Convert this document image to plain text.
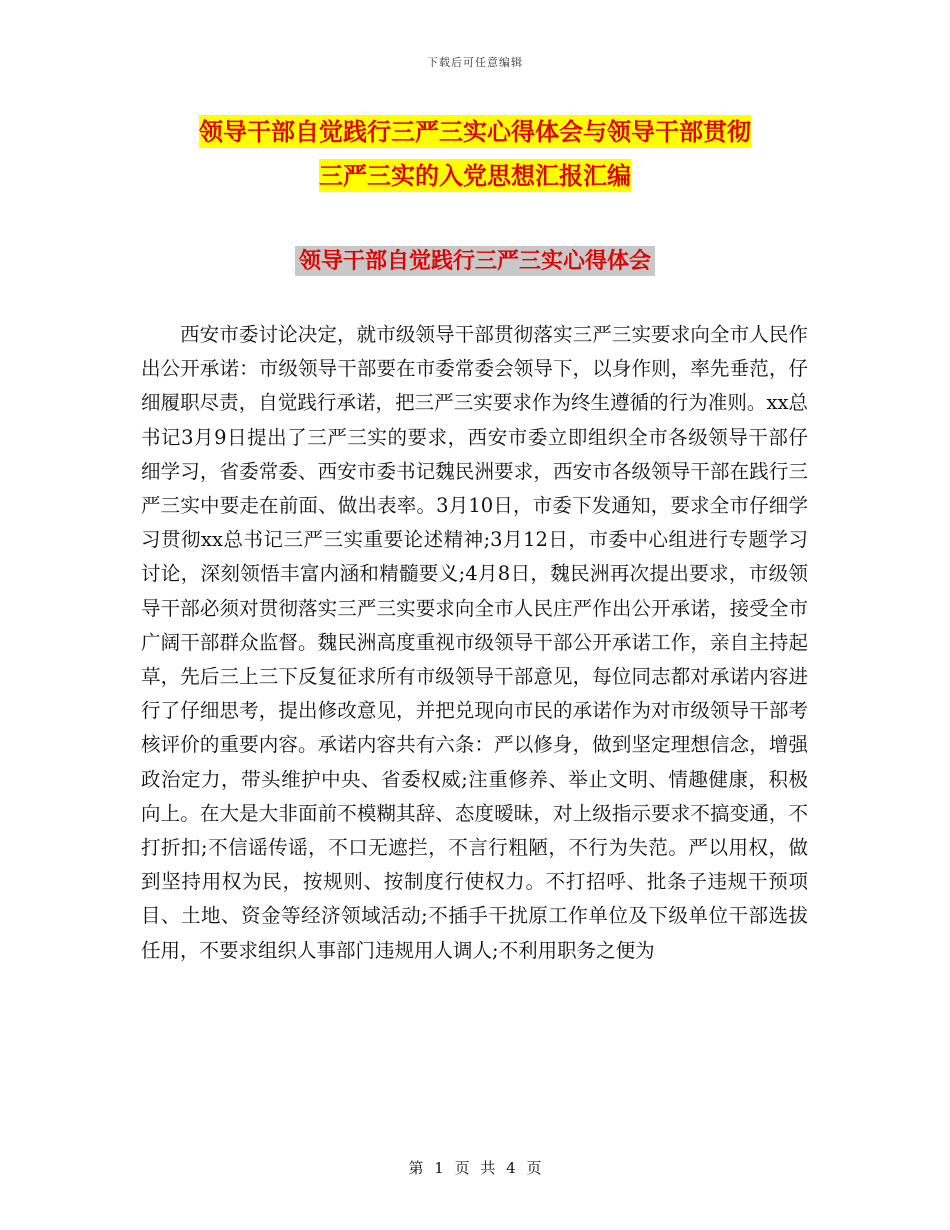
下载后可任意编辑
领导干部自觉践行三严三实心得体会与领导干部贯彻
三严三实的入党思想汇报汇编
领导干部自觉践行三严三实心得体会

西安市委讨论决定，就市级领导干部贯彻落实三严三实要求向全市人民作出公开承诺：市级领导干部要在市委常委会领导下，以身作则，率先垂范，仔细履职尽责，自觉践行承诺，把三严三实要求作为终生遵循的行为准则。xx总书记3月9日提出了三严三实的要求，西安市委立即组织全市各级领导干部仔细学习，省委常委、西安市委书记魏民洲要求，西安市各级领导干部在践行三严三实中要走在前面、做出表率。3月10日，市委下发通知，要求全市仔细学习贯彻xx总书记三严三实重要论述精神;3月12日，市委中心组进行专题学习讨论，深刻领悟丰富内涵和精髓要义;4月8日，魏民洲再次提出要求，市级领导干部必须对贯彻落实三严三实要求向全市人民庄严作出公开承诺，接受全市广阔干部群众监督。魏民洲高度重视市级领导干部公开承诺工作，亲自主持起草，先后三上三下反复征求所有市级领导干部意见，每位同志都对承诺内容进行了仔细思考，提出修改意见，并把兑现向市民的承诺作为对市级领导干部考核评价的重要内容。承诺内容共有六条：严以修身，做到坚定理想信念，增强政治定力，带头维护中央、省委权威;注重修养、举止文明、情趣健康，积极向上。在大是大非面前不模糊其辞、态度暧昧，对上级指示要求不搞变通，不打折扣;不信谣传谣，不口无遮拦，不言行粗陋，不行为失范。严以用权，做到坚持用权为民，按规则、按制度行使权力。不打招呼、批条子违规干预项目、土地、资金等经济领域活动;不插手干扰原工作单位及下级单位干部选拔任用，不要求组织人事部门违规用人调人;不利用职务之便为

第 1 页 共 4 页
